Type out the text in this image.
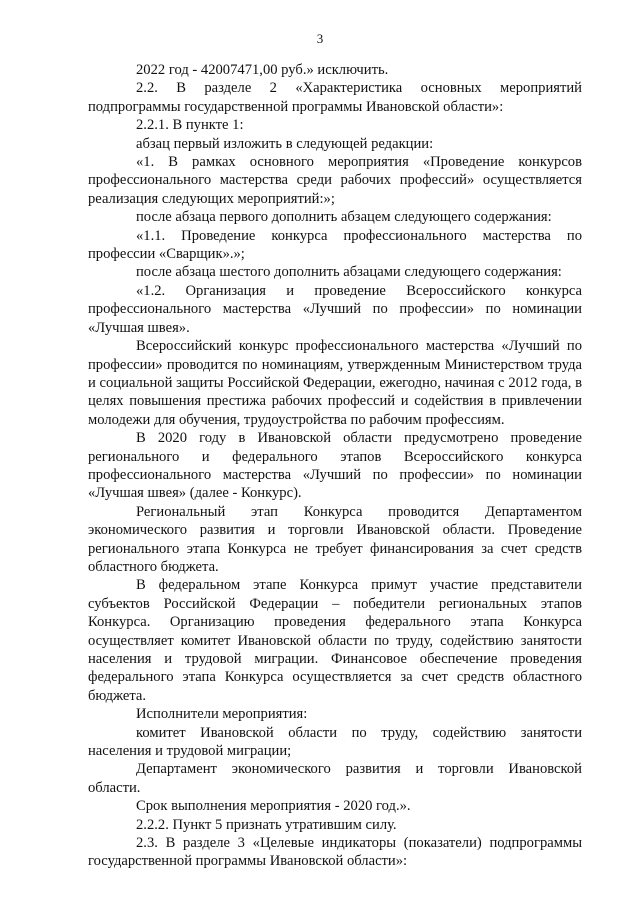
3

2022 год - 42007471,00 руб.» исключить.

2.2. В разделе 2 «Характеристика основных мероприятий подпрограммы государственной программы Ивановской области»:

2.2.1. В пункте 1:

абзац первый изложить в следующей редакции:

«1. В рамках основного мероприятия «Проведение конкурсов профессионального мастерства среди рабочих профессий» осуществляется реализация следующих мероприятий:»;

после абзаца первого дополнить абзацем следующего содержания:

«1.1. Проведение конкурса профессионального мастерства по профессии «Сварщик».»;

после абзаца шестого дополнить абзацами следующего содержания:

«1.2. Организация и проведение Всероссийского конкурса профессионального мастерства «Лучший по профессии» по номинации «Лучшая швея».

Всероссийский конкурс профессионального мастерства «Лучший по профессии» проводится по номинациям, утвержденным Министерством труда и социальной защиты Российской Федерации, ежегодно, начиная с 2012 года, в целях повышения престижа рабочих профессий и содействия в привлечении молодежи для обучения, трудоустройства по рабочим профессиям.

В 2020 году в Ивановской области предусмотрено проведение регионального и федерального этапов Всероссийского конкурса профессионального мастерства «Лучший по профессии» по номинации «Лучшая швея» (далее - Конкурс).

Региональный этап Конкурса проводится Департаментом экономического развития и торговли Ивановской области. Проведение регионального этапа Конкурса не требует финансирования за счет средств областного бюджета.

В федеральном этапе Конкурса примут участие представители субъектов Российской Федерации – победители региональных этапов Конкурса. Организацию проведения федерального этапа Конкурса осуществляет комитет Ивановской области по труду, содействию занятости населения и трудовой миграции. Финансовое обеспечение проведения федерального этапа Конкурса осуществляется за счет средств областного бюджета.

Исполнители мероприятия:

комитет Ивановской области по труду, содействию занятости населения и трудовой миграции;

Департамент экономического развития и торговли Ивановской области.

Срок выполнения мероприятия - 2020 год.».

2.2.2. Пункт 5 признать утратившим силу.

2.3. В разделе 3 «Целевые индикаторы (показатели) подпрограммы государственной программы Ивановской области»:
